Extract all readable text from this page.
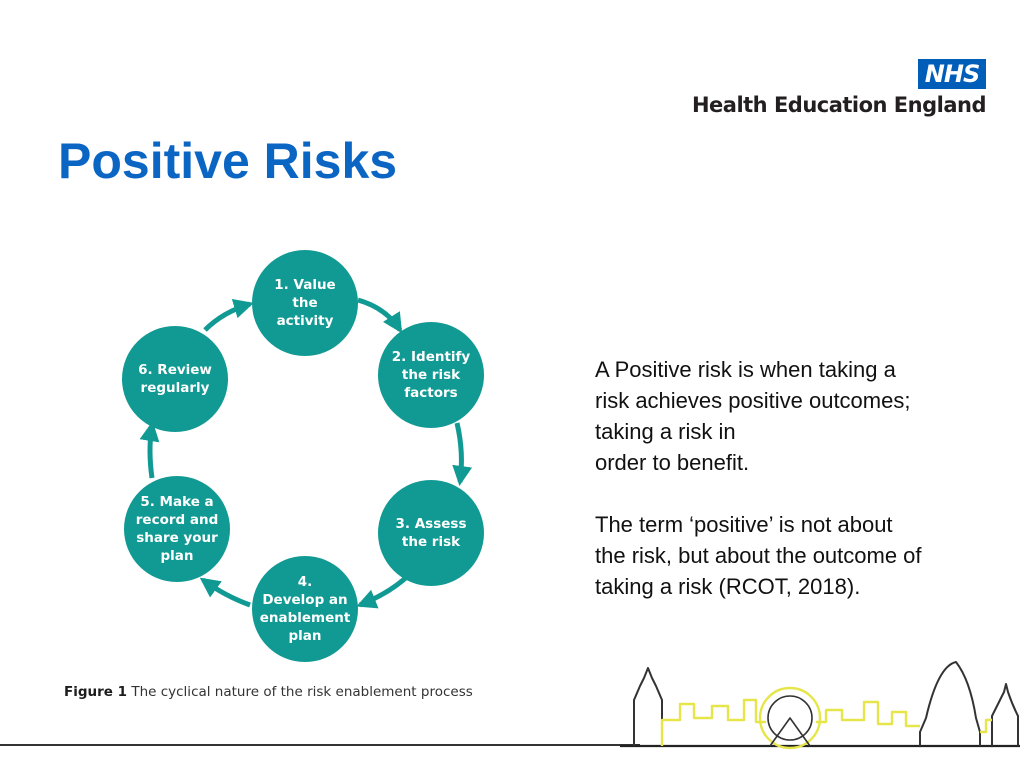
NHS
Health Education England
Positive Risks
1. Value the
activity
2. Identify
the risk
factors
3. Assess
the risk
4.
Develop an
enablement
plan
5. Make a
record and
share your
plan
6. Review
regularly
Figure 1 The cyclical nature of the risk enablement process

A Positive risk is when taking a
risk achieves positive outcomes;
taking a risk in
order to benefit.

The term ‘positive’ is not about
the risk, but about the outcome of
taking a risk (RCOT, 2018).
